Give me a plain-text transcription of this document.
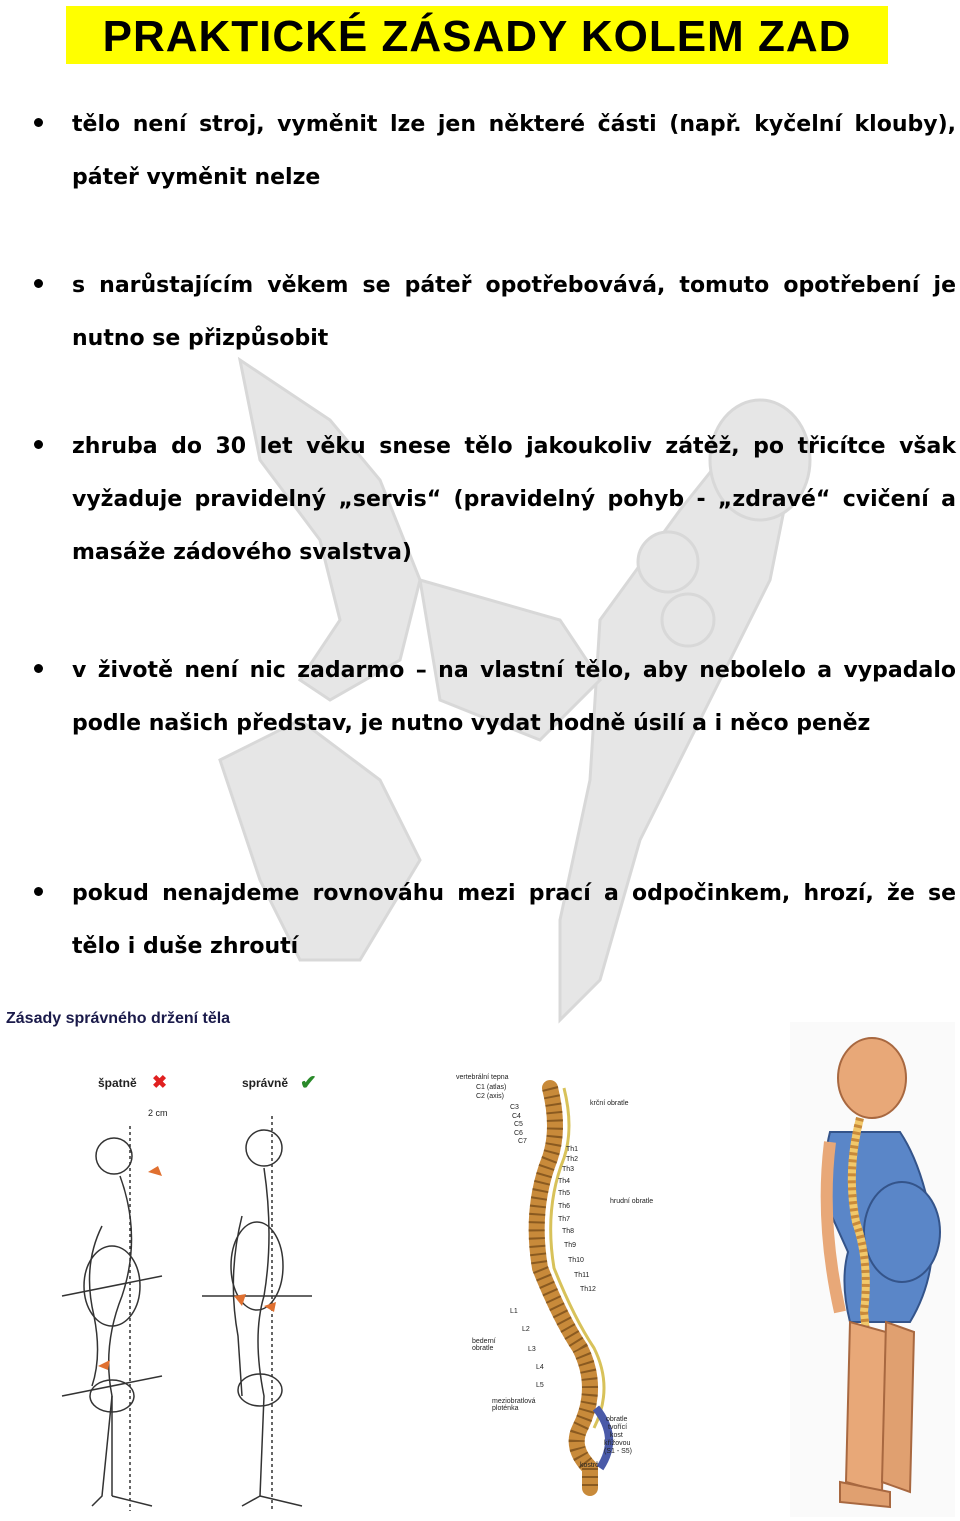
PRAKTICKÉ ZÁSADY KOLEM ZAD
tělo není stroj, vyměnit lze jen některé části (např. kyčelní klouby), páteř vyměnit nelze
s narůstajícím věkem se páteř opotřebovává, tomuto opotřebení je nutno se přizpůsobit
zhruba do 30 let věku snese tělo jakoukoliv zátěž, po třicítce však vyžaduje pravidelný „servis“ (pravidelný pohyb - „zdravé“ cvičení a masáže zádového svalstva)
v životě není nic zadarmo – na vlastní tělo, aby nebolelo a vypadalo podle našich představ, je nutno vydat hodně úsilí a i něco peněz
pokud nenajdeme rovnováhu mezi prací a odpočinkem, hrozí, že se tělo i duše zhroutí
Zásady správného držení těla
špatně ✖	správně ✔
2 cm
vertebrální tepna
C1 (atlas)
C2 (axis)
C3
C4
C5
C6
C7
krční obratle
Th1
Th2
Th3
Th4
Th5
Th6
Th7
Th8
Th9
Th10
Th11
Th12
hrudní obratle
L1
L2
L3
L4
L5
bederní obratle
meziobratlová ploténka
obratle
tvořící
kost
křížovou
(S1 - S5)
kostrč
